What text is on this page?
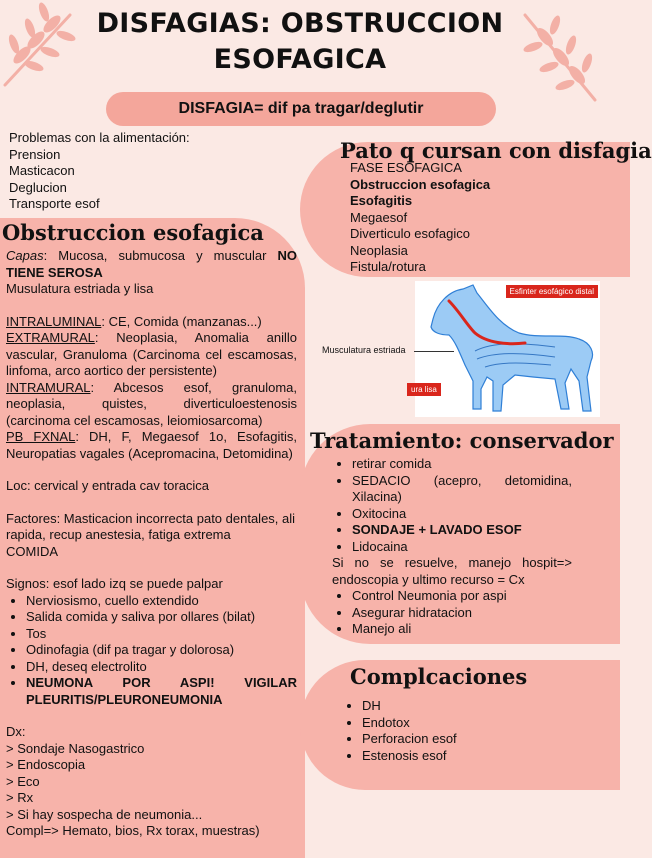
DISFAGIAS: OBSTRUCCION
ESOFAGICA
DISFAGIA= dif pa tragar/deglutir
Problemas con la alimentación:
Prension
Masticacon
Deglucion
Transporte esof
Pato q cursan con disfagia
FASE ESOFAGICA
Obstruccion esofagica
Esofagitis
Megaesof
Diverticulo esofagico
Neoplasia
Fistula/rotura
Esfinter esofágico distal
ura lisa
Musculatura estriada
Obstruccion esofagica
Capas: Mucosa, submucosa y muscular NO TIENE SEROSA
Musulatura estriada y lisa
INTRALUMINAL: CE, Comida (manzanas...)
EXTRAMURAL: Neoplasia, Anomalia anillo vascular, Granuloma (Carcinoma cel escamosas, linfoma, arco aortico der persistente)
INTRAMURAL: Abcesos esof, granuloma, neoplasia, quistes, diverticuloestenosis (carcinoma cel escamosas, leiomiosarcoma)
PB FXNAL: DH, F, Megaesof 1o, Esofagitis, Neuropatias vagales (Acepromacina, Detomidina)
Loc: cervical y entrada cav toracica
Factores: Masticacion incorrecta pato dentales, ali rapida, recup anestesia, fatiga extrema
COMIDA
Signos: esof lado izq se puede palpar
• Nerviosismo, cuello extendido
• Salida comida y saliva por ollares (bilat)
• Tos
• Odinofagia (dif pa tragar y dolorosa)
• DH, deseq electrolito
• NEUMONA POR ASPI! VIGILAR PLEURITIS/PLEURONEUMONIA
Dx:
> Sondaje Nasogastrico
> Endoscopia
> Eco
> Rx
> Si hay sospecha de neumonia...
Compl=> Hemato, bios, Rx torax, muestras)
Tratamiento: conservador
• retirar comida
• SEDACIO (acepro, detomidina, Xilacina)
• Oxitocina
• SONDAJE + LAVADO ESOF
• Lidocaina
Si no se resuelve, manejo hospit=> endoscopia y ultimo recurso = Cx
• Control Neumonia por aspi
• Asegurar hidratacion
• Manejo ali
Complcaciones
• DH
• Endotox
• Perforacion esof
• Estenosis esof
